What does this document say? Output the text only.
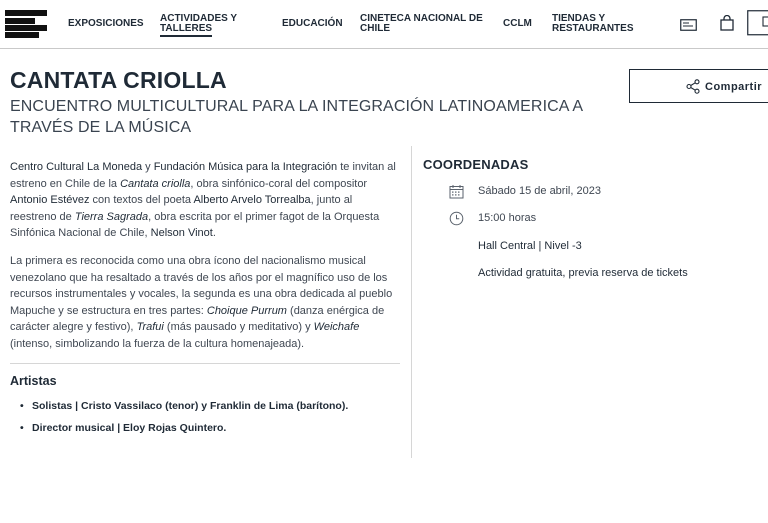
EXPOSICIONES ACTIVIDADES Y
TALLERES	EDUCACIÓN CINETECA NACIONAL DE
CHILE	CCLM TIENDAS Y
RESTAURANTES
CANTATA CRIOLLA
ENCUENTRO MULTICULTURAL PARA LA INTEGRACIÓN LATINOAMERICA A TRAVÉS DE LA MÚSICA
Compartir

Centro Cultural La Moneda y Fundación Música para la Integración te invitan al estreno en Chile de la Cantata criolla, obra sinfónico-coral del compositor Antonio Estévez con textos del poeta Alberto Arvelo Torrealba, junto al reestreno de Tierra Sagrada, obra escrita por el primer fagot de la Orquesta Sinfónica Nacional de Chile, Nelson Vinot.

La primera es reconocida como una obra ícono del nacionalismo musical venezolano que ha resaltado a través de los años por el magnífico uso de los recursos instrumentales y vocales, la segunda es una obra dedicada al pueblo Mapuche y se estructura en tres partes: Choique Purrum (danza enérgica de carácter alegre y festivo), Trafui (más pausado y meditativo) y Weichafe (intenso, simbolizando la fuerza de la cultura homenajeada).

Artistas
• Solistas | Cristo Vassilaco (tenor) y Franklin de Lima (barítono).
• Director musical | Eloy Rojas Quintero.
COORDENADAS
Sábado 15 de abril, 2023
15:00 horas
Hall Central | Nivel -3
Actividad gratuita, previa reserva de tickets
